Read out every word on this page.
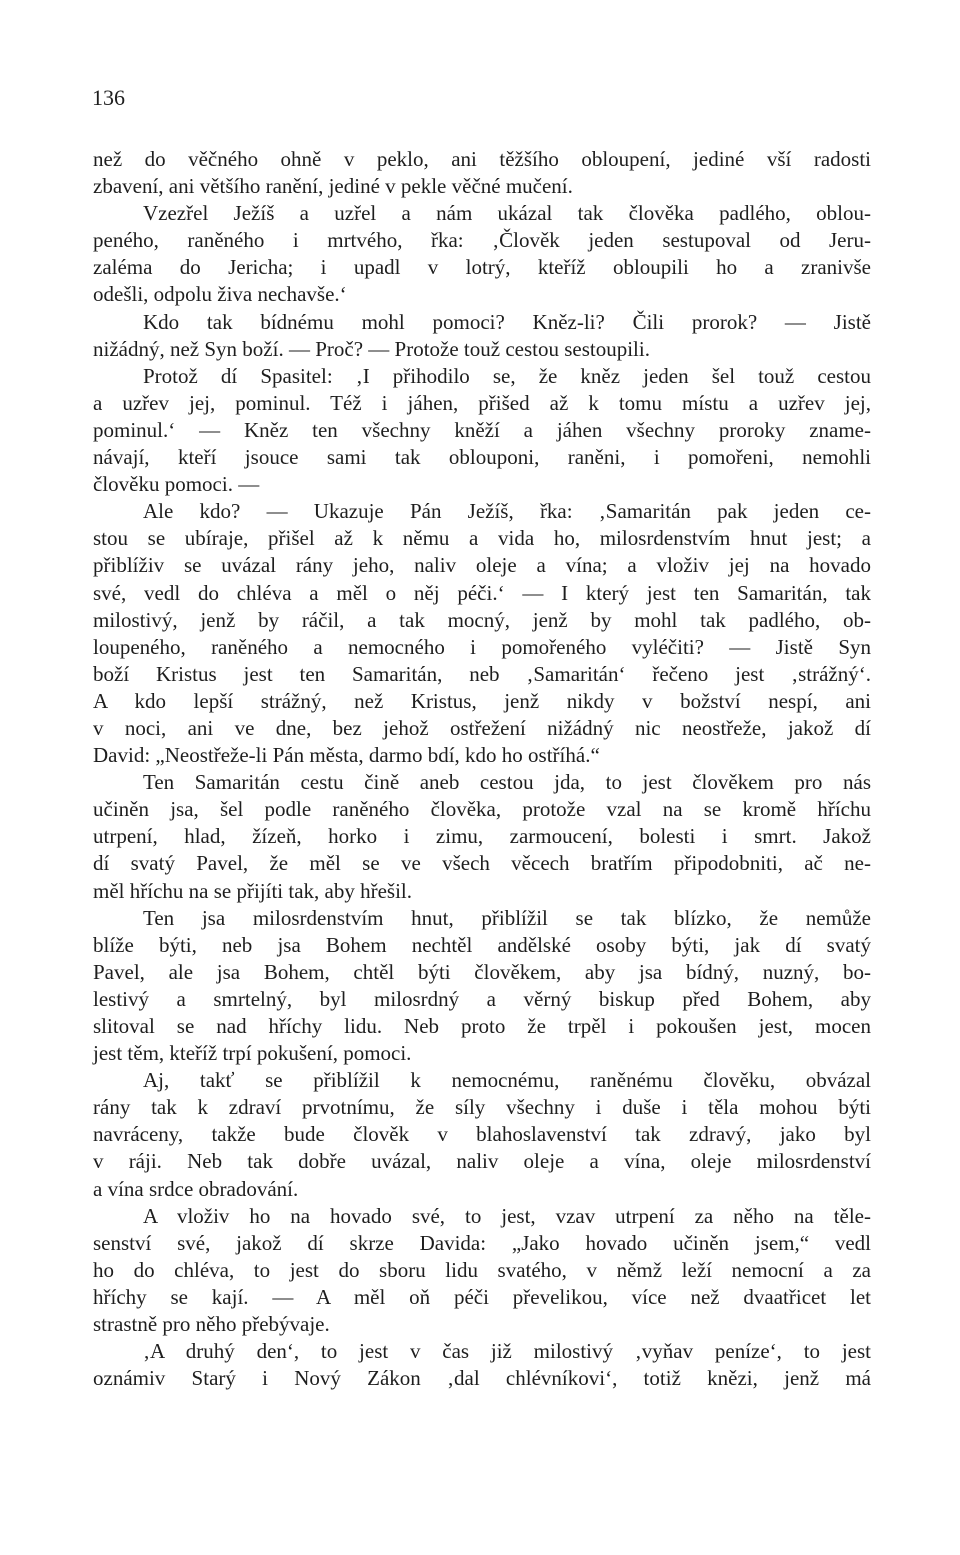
136
než do věčného ohně v peklo, ani těžšího obloupení, jediné vší radosti
zbavení, ani většího ranění, jediné v pekle věčné mučení.
Vzezřel Ježíš a uzřel a nám ukázal tak člověka padlého, oblou-
peného, raněného i mrtvého, řka: ‚Člověk jeden sestupoval od Jeru-
zaléma do Jericha; i upadl v lotrý, kteříž obloupili ho a zranivše
odešli, odpolu živa nechavše.‘
Kdo tak bídnému mohl pomoci? Kněz-li? Čili prorok? — Jistě
nižádný, než Syn boží. — Proč? — Protože touž cestou sestoupili.
Protož dí Spasitel: ‚I přihodilo se, že kněz jeden šel touž cestou
a uzřev jej, pominul. Též i jáhen, přišed až k tomu místu a uzřev jej,
pominul.‘ — Kněz ten všechny kněží a jáhen všechny proroky zname-
návají, kteří jsouce sami tak oblouponi, raněni, i pomořeni, nemohli
člověku pomoci. —
Ale kdo? — Ukazuje Pán Ježíš, řka: ‚Samaritán pak jeden ce-
stou se ubíraje, přišel až k němu a vida ho, milosrdenstvím hnut jest; a
přiblíživ se uvázal rány jeho, naliv oleje a vína; a vloživ jej na hovado
své, vedl do chléva a měl o něj péči.‘ — I který jest ten Samaritán, tak
milostivý, jenž by ráčil, a tak mocný, jenž by mohl tak padlého, ob-
loupeného, raněného a nemocného i pomořeného vyléčiti? — Jistě Syn
boží Kristus jest ten Samaritán, neb ‚Samaritán‘ řečeno jest ‚strážný‘.
A kdo lepší strážný, než Kristus, jenž nikdy v božství nespí, ani
v noci, ani ve dne, bez jehož ostřežení nižádný nic neostřeže, jakož dí
David: „Neostřeže-li Pán města, darmo bdí, kdo ho ostříhá.“
Ten Samaritán cestu čině aneb cestou jda, to jest člověkem pro nás
učiněn jsa, šel podle raněného člověka, protože vzal na se kromě hříchu
utrpení, hlad, žízeň, horko i zimu, zarmoucení, bolesti i smrt. Jakož
dí svatý Pavel, že měl se ve všech věcech bratřím připodobniti, ač ne-
měl hříchu na se přijíti tak, aby hřešil.
Ten jsa milosrdenstvím hnut, přiblížil se tak blízko, že nemůže
blíže býti, neb jsa Bohem nechtěl andělské osoby býti, jak dí svatý
Pavel, ale jsa Bohem, chtěl býti člověkem, aby jsa bídný, nuzný, bo-
lestivý a smrtelný, byl milosrdný a věrný biskup před Bohem, aby
slitoval se nad hříchy lidu. Neb proto že trpěl i pokoušen jest, mocen
jest těm, kteříž trpí pokušení, pomoci.
Aj, takť se přiblížil k nemocnému, raněnému člověku, obvázal
rány tak k zdraví prvotnímu, že síly všechny i duše i těla mohou býti
navráceny, takže bude člověk v blahoslavenství tak zdravý, jako byl
v ráji. Neb tak dobře uvázal, naliv oleje a vína, oleje milosrdenství
a vína srdce obradování.
A vloživ ho na hovado své, to jest, vzav utrpení za něho na těle-
senství své, jakož dí skrze Davida: „Jako hovado učiněn jsem,“ vedl
ho do chléva, to jest do sboru lidu svatého, v němž leží nemocní a za
hříchy se kají. — A měl oň péči převelikou, více než dvaatřicet let
strastně pro něho přebývaje.
‚A druhý den‘, to jest v čas již milostivý ‚vyňav peníze‘, to jest
oznámiv Starý i Nový Zákon ‚dal chlévníkovi‘, totiž knězi, jenž má
